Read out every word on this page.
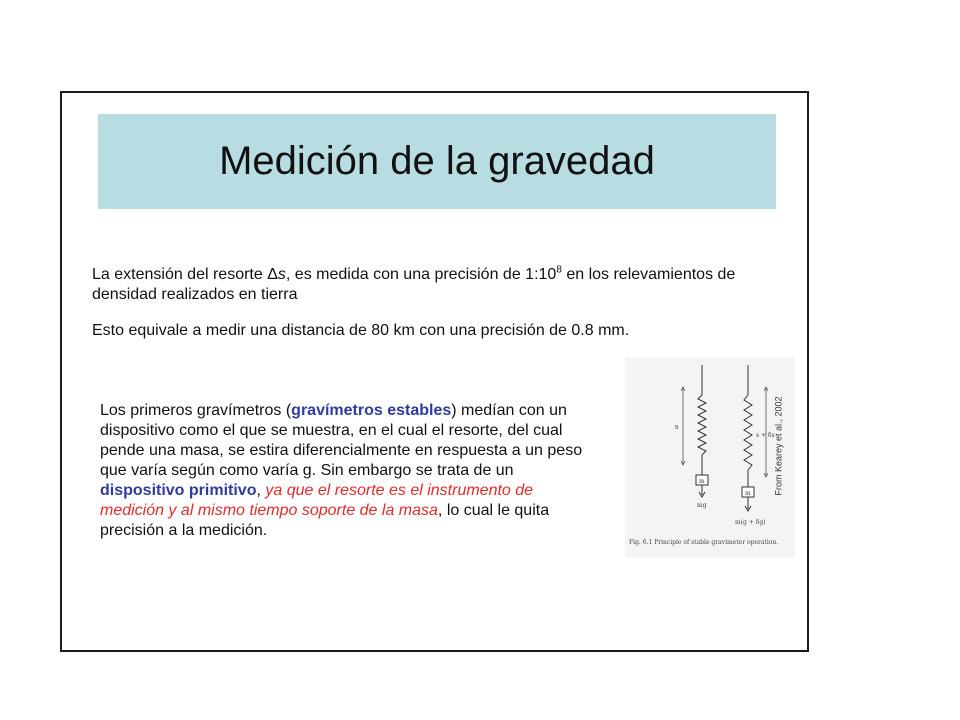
Medición de la gravedad

La extensión del resorte Δs, es medida con una precisión de $1:10^8$ en los relevamientos de densidad realizados en tierra

Esto equivale a medir una distancia de 80 km con una precisión de 0.8 mm.

Los primeros gravímetros (gravímetros estables) medían con un dispositivo como el que se muestra, en el cual el resorte, del cual pende una masa, se estira diferencialmente en respuesta a un peso que varía según como varía g. Sin embargo se trata de un dispositivo primitivo, ya que el resorte es el instrumento de medición y al mismo tiempo soporte de la masa, lo cual le quita precisión a la medición.

s
s + δs
m
m
mg
m(g + δg)
From Kearey et al., 2002
Fig. 6.1 Principle of stable gravimeter operation.
